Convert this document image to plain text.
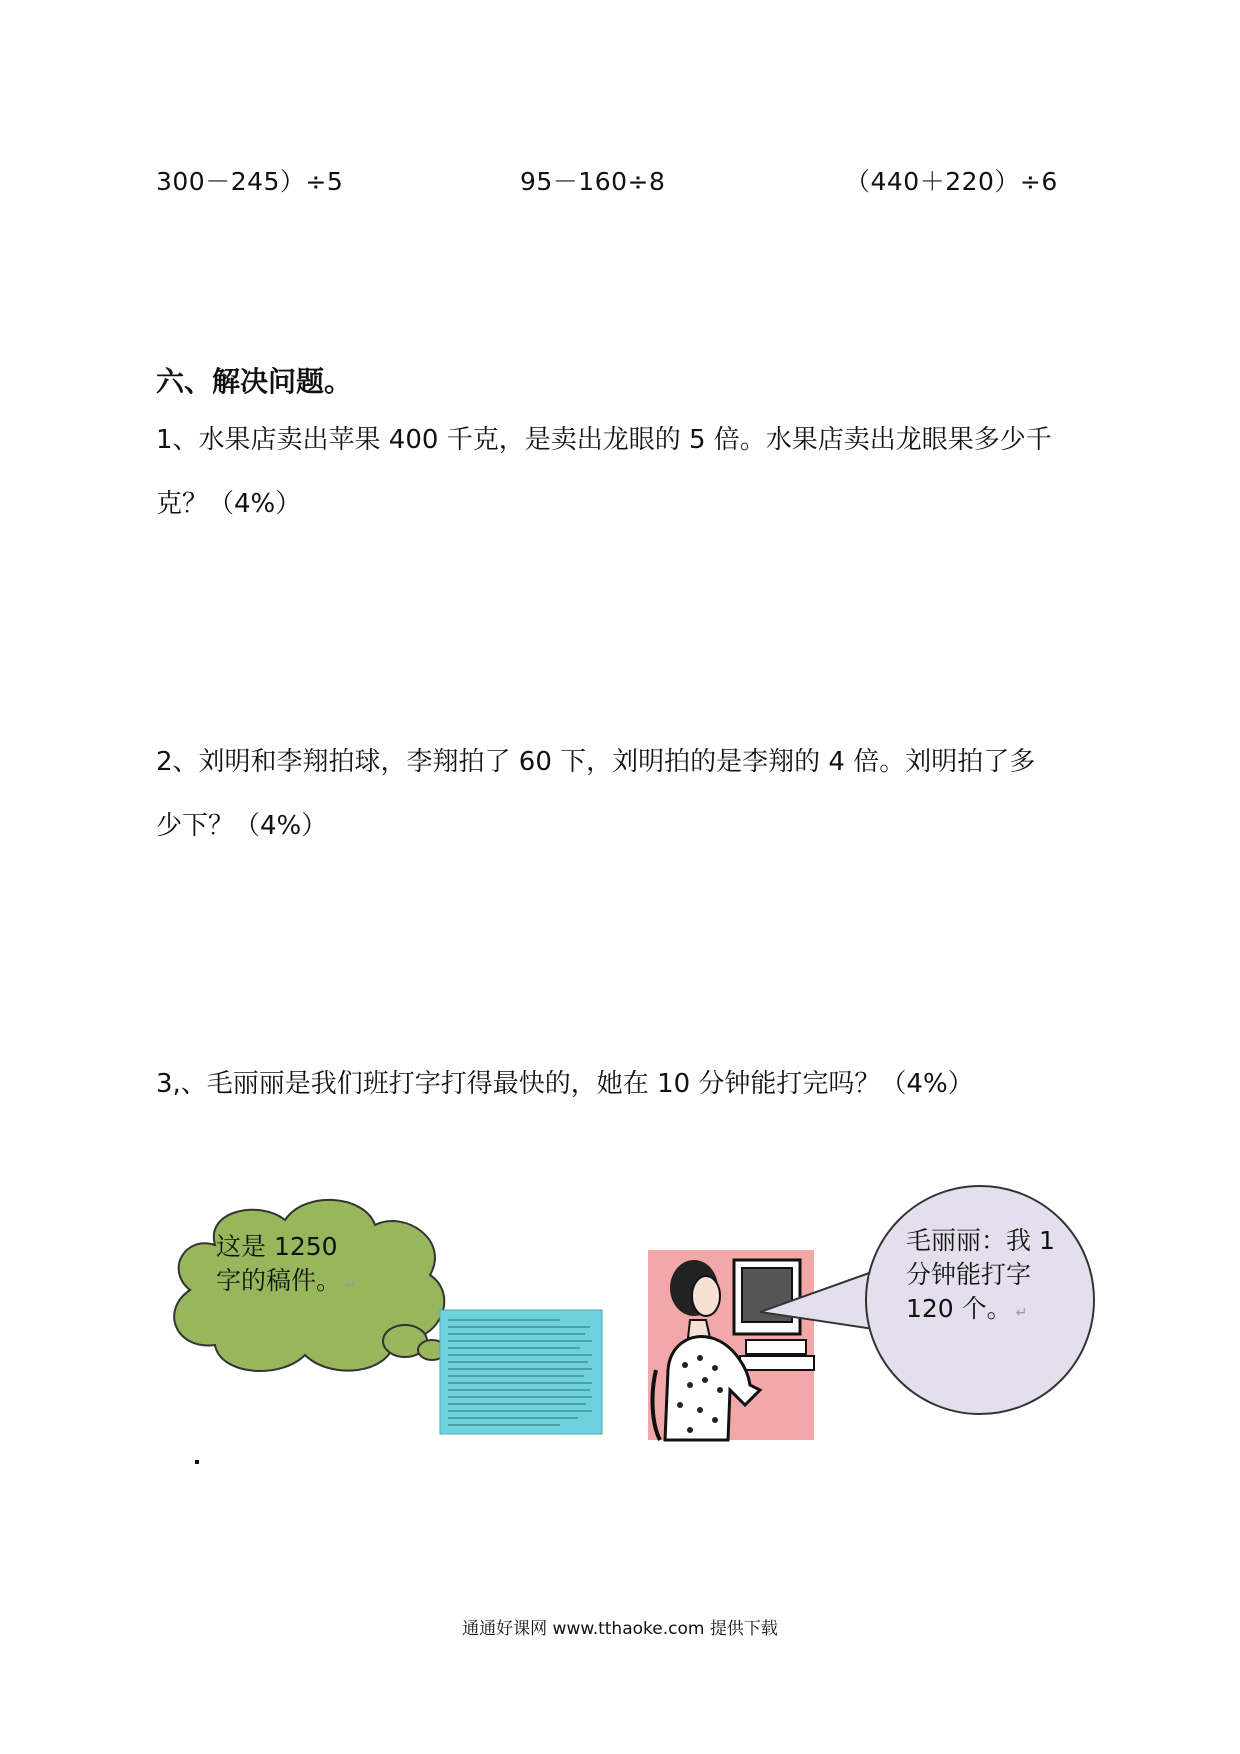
300－245）÷5	95－160÷8	（440＋220）÷6
六、解决问题。
1、水果店卖出苹果 400 千克，是卖出龙眼的 5 倍。水果店卖出龙眼果多少千
克？（4%）
2、刘明和李翔拍球，李翔拍了 60 下，刘明拍的是李翔的 4 倍。刘明拍了多
少下？（4%）
3,、毛丽丽是我们班打字打得最快的，她在 10 分钟能打完吗？（4%）
这是 1250
字的稿件。 ↵
毛丽丽：我 1
分钟能打字
120 个。 ↵
通通好课网 www.tthaoke.com 提供下载
